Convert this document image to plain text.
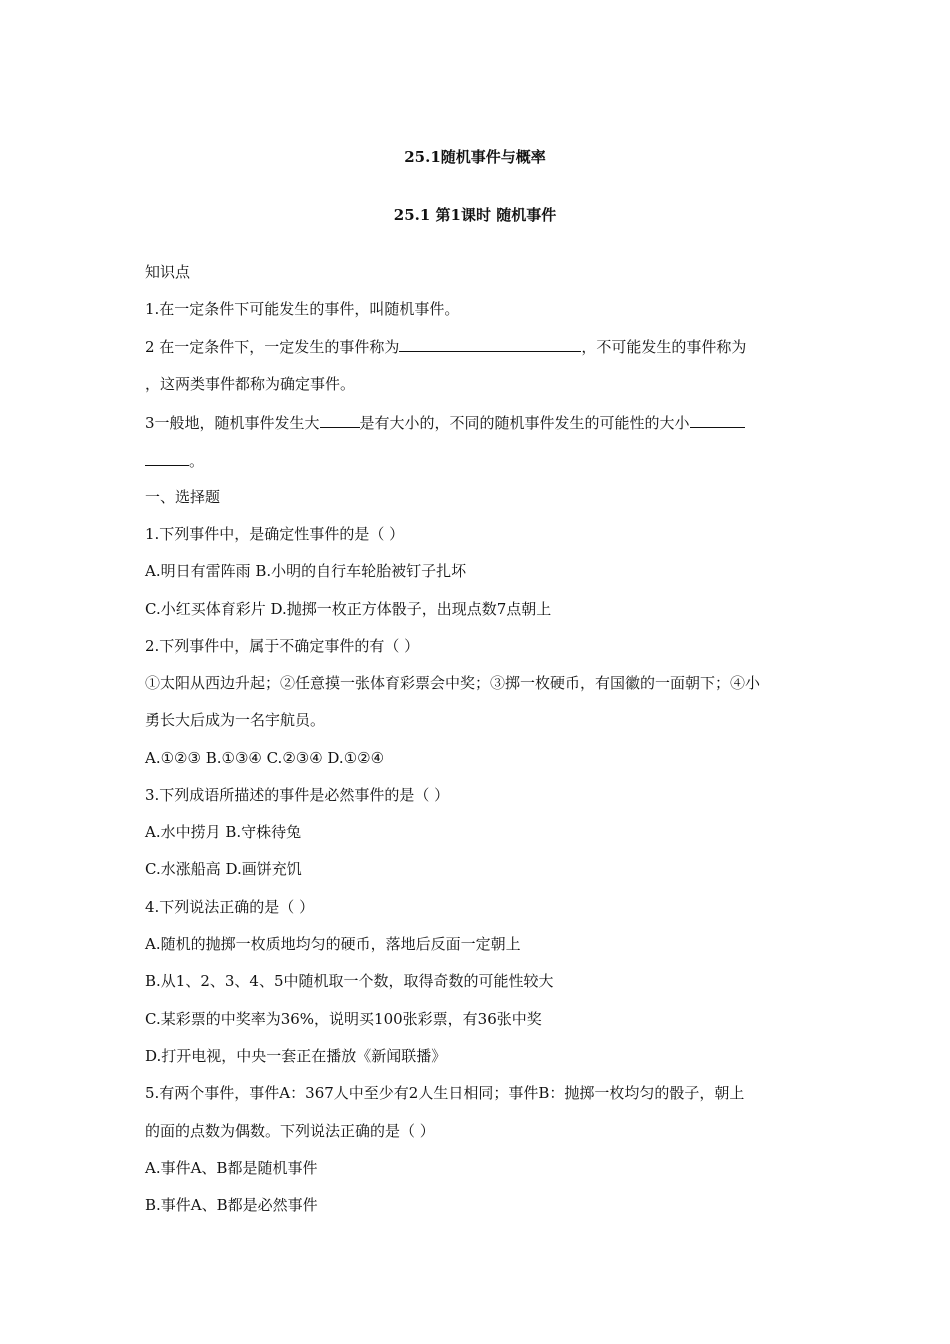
25.1随机事件与概率
25.1 第1课时 随机事件
知识点
1.在一定条件下可能发生的事件，叫随机事件。
2 在一定条件下，一定发生的事件称为	，不可能发生的事件称为
，这两类事件都称为确定事件。
3一般地，随机事件发生大	是有大小的，不同的随机事件发生的可能性的大小
。
一、选择题
1.下列事件中，是确定性事件的是（ ）
A.明日有雷阵雨 B.小明的自行车轮胎被钉子扎坏
C.小红买体育彩片 D.抛掷一枚正方体骰子，出现点数7点朝上
2.下列事件中，属于不确定事件的有（ ）
①太阳从西边升起；②任意摸一张体育彩票会中奖；③掷一枚硬币，有国徽的一面朝下；④小
勇长大后成为一名宇航员。
A.①②③ B.①③④ C.②③④ D.①②④
3.下列成语所描述的事件是必然事件的是（ ）
A.水中捞月 B.守株待兔
C.水涨船高 D.画饼充饥
4.下列说法正确的是（ ）
A.随机的抛掷一枚质地均匀的硬币，落地后反面一定朝上
B.从1、2、3、4、5中随机取一个数，取得奇数的可能性较大
C.某彩票的中奖率为36%，说明买100张彩票，有36张中奖
D.打开电视，中央一套正在播放《新闻联播》
5.有两个事件，事件A：367人中至少有2人生日相同；事件B：抛掷一枚均匀的骰子，朝上
的面的点数为偶数。下列说法正确的是（ ）
A.事件A、B都是随机事件
B.事件A、B都是必然事件
